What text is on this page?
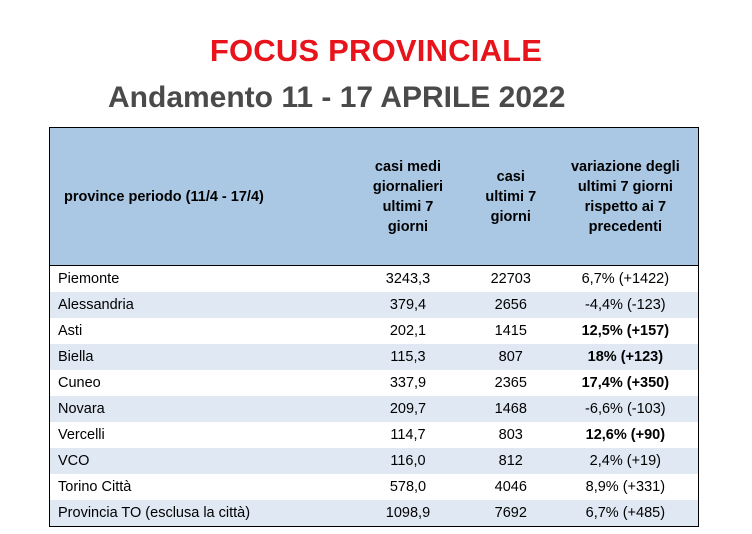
FOCUS PROVINCIALE
Andamento 11 - 17 APRILE 2022
province periodo (11/4 - 17/4)	casi medi
giornalieri
ultimi 7
giorni	casi
ultimi 7
giorni	variazione degli
ultimi 7 giorni
rispetto ai 7
precedenti
Piemonte	3243,3	22703	6,7% (+1422)
Alessandria	379,4	2656	-4,4% (-123)
Asti	202,1	1415	12,5% (+157)
Biella	115,3	807	18% (+123)
Cuneo	337,9	2365	17,4% (+350)
Novara	209,7	1468	-6,6% (-103)
Vercelli	114,7	803	12,6% (+90)
VCO	116,0	812	2,4% (+19)
Torino Città	578,0	4046	8,9% (+331)
Provincia TO (esclusa la città)	1098,9	7692	6,7% (+485)
